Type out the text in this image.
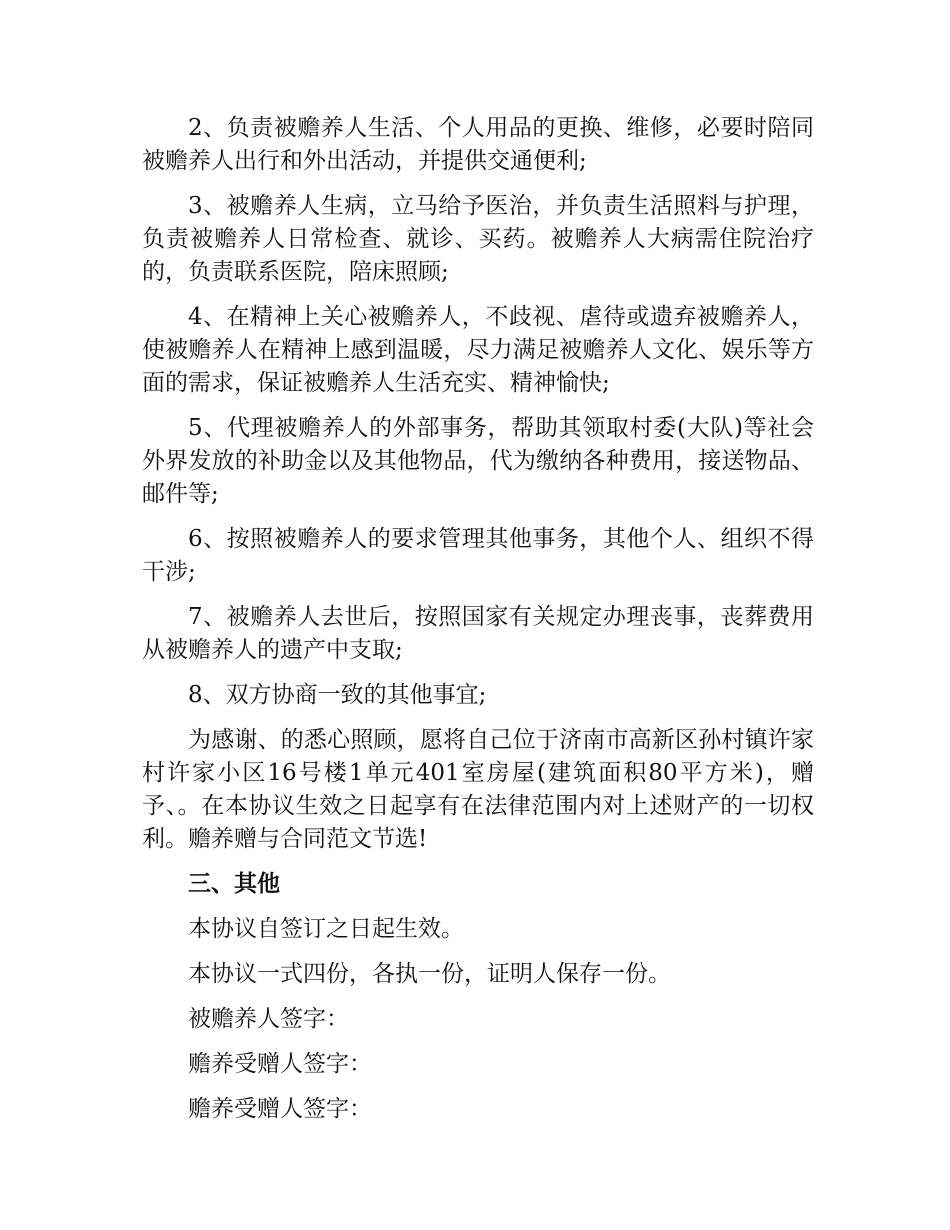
2、负责被赡养人生活、个人用品的更换、维修，必要时陪同被赡养人出行和外出活动，并提供交通便利;

3、被赡养人生病，立马给予医治，并负责生活照料与护理，负责被赡养人日常检查、就诊、买药。被赡养人大病需住院治疗的，负责联系医院，陪床照顾;

4、在精神上关心被赡养人，不歧视、虐待或遗弃被赡养人，使被赡养人在精神上感到温暖，尽力满足被赡养人文化、娱乐等方面的需求，保证被赡养人生活充实、精神愉快;

5、代理被赡养人的外部事务，帮助其领取村委(大队)等社会外界发放的补助金以及其他物品，代为缴纳各种费用，接送物品、邮件等;

6、按照被赡养人的要求管理其他事务，其他个人、组织不得干涉;

7、被赡养人去世后，按照国家有关规定办理丧事，丧葬费用从被赡养人的遗产中支取;

8、双方协商一致的其他事宜;

为感谢、的悉心照顾，愿将自己位于济南市高新区孙村镇许家村许家小区16号楼1单元401室房屋(建筑面积80平方米)，赠予、。在本协议生效之日起享有在法律范围内对上述财产的一切权利。赡养赠与合同范文节选!

三、其他

本协议自签订之日起生效。

本协议一式四份，各执一份，证明人保存一份。

被赡养人签字：

赡养受赠人签字：

赡养受赠人签字：
